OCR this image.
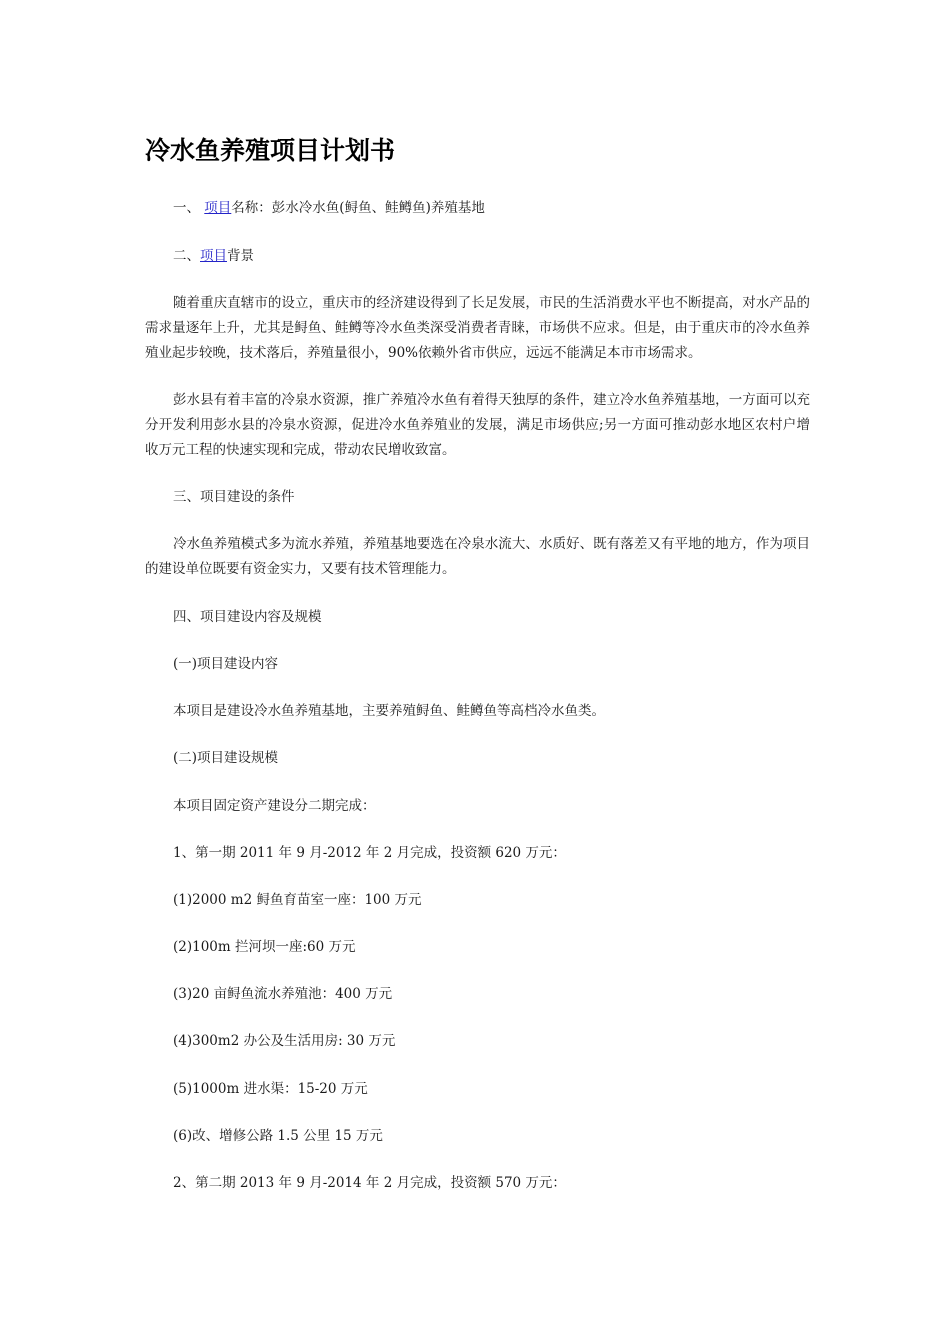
冷水鱼养殖项目计划书

一、 项目名称：彭水冷水鱼(鲟鱼、鲑鳟鱼)养殖基地

二、项目背景

随着重庆直辖市的设立，重庆市的经济建设得到了长足发展，市民的生活消费水平也不断提高，对水产品的需求量逐年上升，尤其是鲟鱼、鲑鳟等冷水鱼类深受消费者青睐，市场供不应求。但是，由于重庆市的冷水鱼养殖业起步较晚，技术落后，养殖量很小，90%依赖外省市供应，远远不能满足本市市场需求。

彭水县有着丰富的冷泉水资源，推广养殖冷水鱼有着得天独厚的条件，建立冷水鱼养殖基地，一方面可以充分开发利用彭水县的冷泉水资源，促进冷水鱼养殖业的发展，满足市场供应;另一方面可推动彭水地区农村户增收万元工程的快速实现和完成，带动农民增收致富。

三、项目建设的条件

冷水鱼养殖模式多为流水养殖，养殖基地要选在冷泉水流大、水质好、既有落差又有平地的地方，作为项目的建设单位既要有资金实力，又要有技术管理能力。

四、项目建设内容及规模

(一)项目建设内容

本项目是建设冷水鱼养殖基地，主要养殖鲟鱼、鲑鳟鱼等高档冷水鱼类。

(二)项目建设规模

本项目固定资产建设分二期完成：

1、第一期 2011 年 9 月-2012 年 2 月完成，投资额 620 万元：

(1)2000 m2 鲟鱼育苗室一座：100 万元

(2)100m 拦河坝一座:60 万元

(3)20 亩鲟鱼流水养殖池：400 万元

(4)300m2 办公及生活用房: 30 万元

(5)1000m 进水渠：15-20 万元

(6)改、增修公路 1.5 公里 15 万元

2、第二期 2013 年 9 月-2014 年 2 月完成，投资额 570 万元：
